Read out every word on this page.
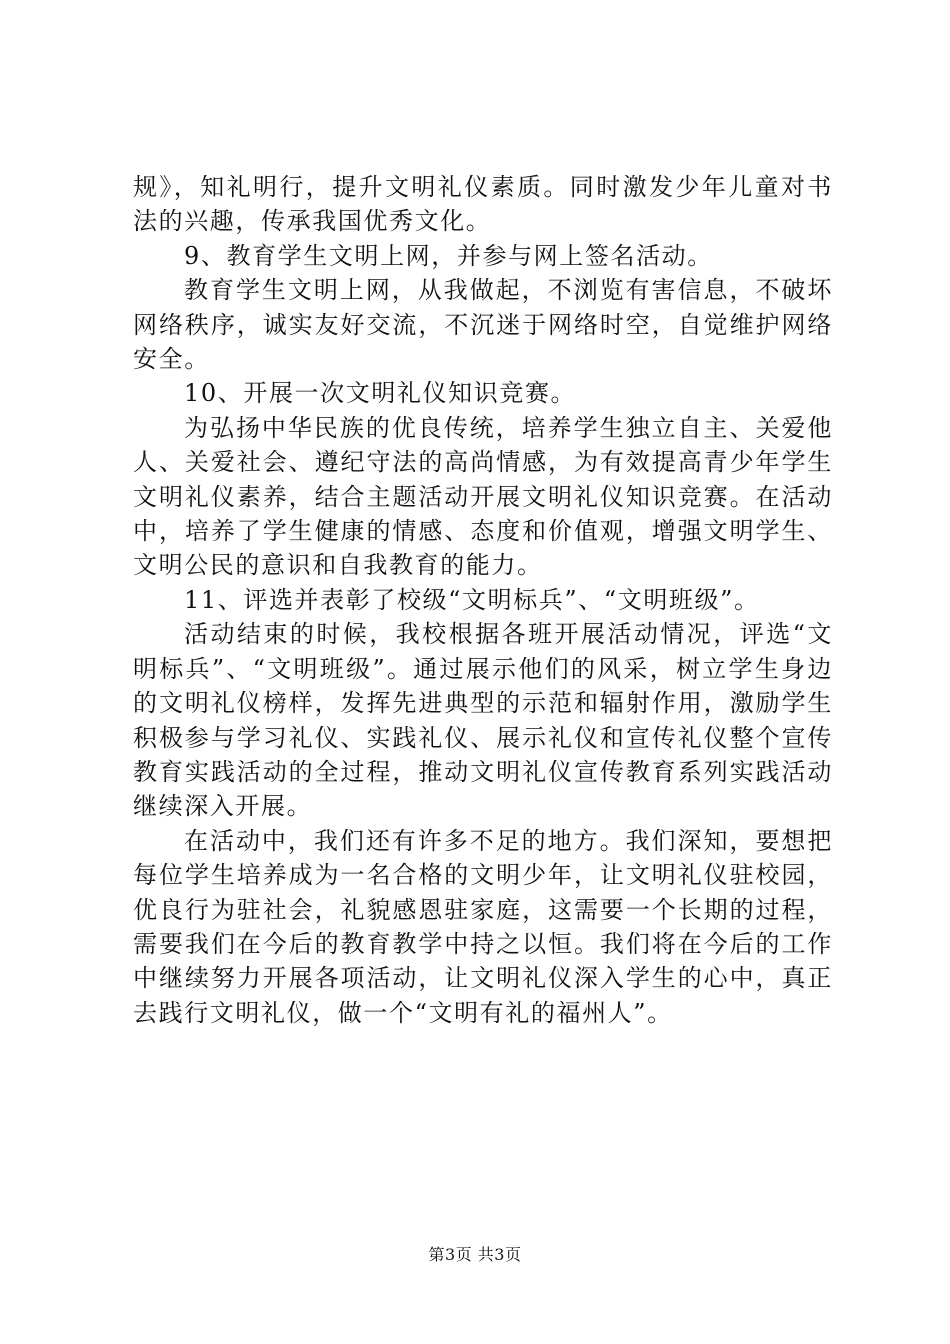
规》，知礼明行，提升文明礼仪素质。同时激发少年儿童对书法的兴趣，传承我国优秀文化。

9、教育学生文明上网，并参与网上签名活动。

教育学生文明上网，从我做起，不浏览有害信息，不破坏网络秩序，诚实友好交流，不沉迷于网络时空，自觉维护网络安全。

10、开展一次文明礼仪知识竞赛。

为弘扬中华民族的优良传统，培养学生独立自主、关爱他人、关爱社会、遵纪守法的高尚情感，为有效提高青少年学生文明礼仪素养，结合主题活动开展文明礼仪知识竞赛。在活动中，培养了学生健康的情感、态度和价值观，增强文明学生、文明公民的意识和自我教育的能力。

11、评选并表彰了校级“文明标兵”、“文明班级”。

活动结束的时候，我校根据各班开展活动情况，评选“文明标兵”、“文明班级”。通过展示他们的风采，树立学生身边的文明礼仪榜样，发挥先进典型的示范和辐射作用，激励学生积极参与学习礼仪、实践礼仪、展示礼仪和宣传礼仪整个宣传教育实践活动的全过程，推动文明礼仪宣传教育系列实践活动继续深入开展。

在活动中，我们还有许多不足的地方。我们深知，要想把每位学生培养成为一名合格的文明少年，让文明礼仪驻校园，优良行为驻社会，礼貌感恩驻家庭，这需要一个长期的过程，需要我们在今后的教育教学中持之以恒。我们将在今后的工作中继续努力开展各项活动，让文明礼仪深入学生的心中，真正去践行文明礼仪，做一个“文明有礼的福州人”。

第3页 共3页
